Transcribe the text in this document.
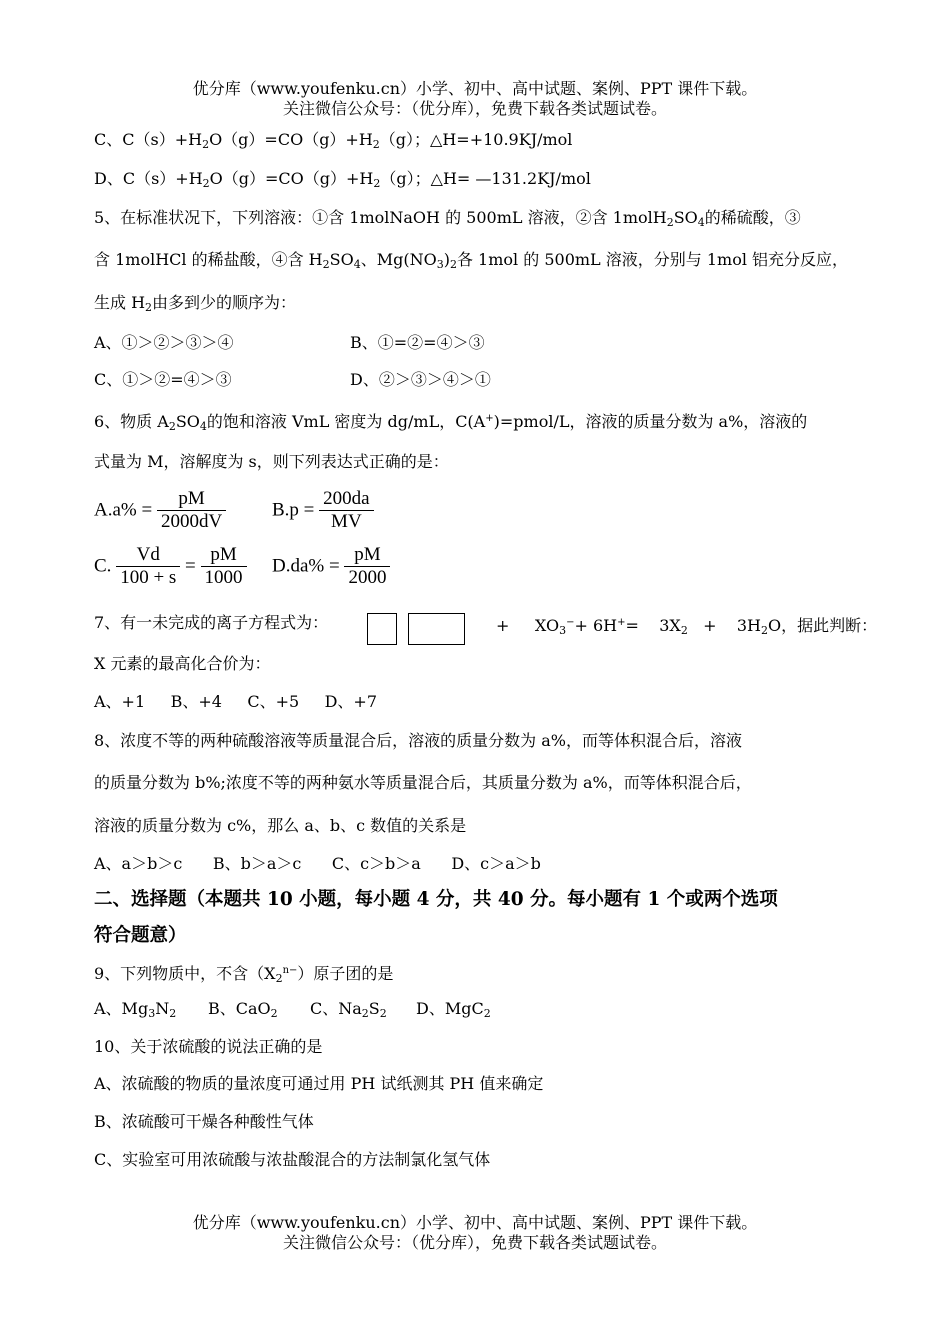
优分库（www.youfenku.cn）小学、初中、高中试题、案例、PPT 课件下载。
关注微信公众号：（优分库），免费下载各类试题试卷。
C、$C(s)+H_2O(g)=CO(g)+H_2(g)$；△H=+10.9KJ/mol
D、$C(s)+H_2O(g)=CO(g)+H_2(g)$；△H= —131.2KJ/mol
5、在标准状况下，下列溶液：①含 1molNaOH 的 500mL 溶液，②含 $1molH_2SO_4$的稀硫酸，③
含 1molHCl 的稀盐酸，④含 $H_2SO_4$、$Mg(NO_3)_2$各 1mol 的 500mL 溶液，分别与 1mol 铝充分反应，
生成 $H_2$由多到少的顺序为：
A、①＞②＞③＞④	B、①=②=④＞③
C、①＞②=④＞③	D、②＞③＞④＞①
6、物质 $A_2SO_4$的饱和溶液 VmL 密度为 dg/mL，C(A+)=pmol/L，溶液的质量分数为 a%，溶液的
式量为 M，溶解度为 s，则下列表达式正确的是：
$A.a\% = \frac{pM}{2000dV} B.p = \frac{200da}{MV}$
C. $\frac{Vd}{100 + s} = \frac{pM}{1000} D.da\% = \frac{pM}{2000}$
7、有一未完成的离子方程式为：	+ $XO_3^-+ 6H^+= 3X_2 + 3H_2O$，据此判断：
X 元素的最高化合价为：
A、+1     B、+4     C、+5     D、+7
8、浓度不等的两种硫酸溶液等质量混合后，溶液的质量分数为 a%，而等体积混合后，溶液
的质量分数为 b%;浓度不等的两种氨水等质量混合后，其质量分数为 a%，而等体积混合后，
溶液的质量分数为 c%，那么 a、b、c 数值的关系是
A、a＞b＞c      B、b＞a＞c      C、c＞b＞a      D、c＞a＞b
二、选择题（本题共 10 小题，每小题 4 分，共 40 分。每小题有 1 个或两个选项
符合题意）
9、下列物质中，不含$(X_2^{n-})$原子团的是
A、$Mg_3N_2$ B、CaO$_2$ C、$Na_2S_2$ D、MgC$_2$
10、关于浓硫酸的说法正确的是
A、浓硫酸的物质的量浓度可通过用 PH 试纸测其 PH 值来确定
B、浓硫酸可干燥各种酸性气体
C、实验室可用浓硫酸与浓盐酸混合的方法制氯化氢气体
优分库（www.youfenku.cn）小学、初中、高中试题、案例、PPT 课件下载。
关注微信公众号：（优分库），免费下载各类试题试卷。
